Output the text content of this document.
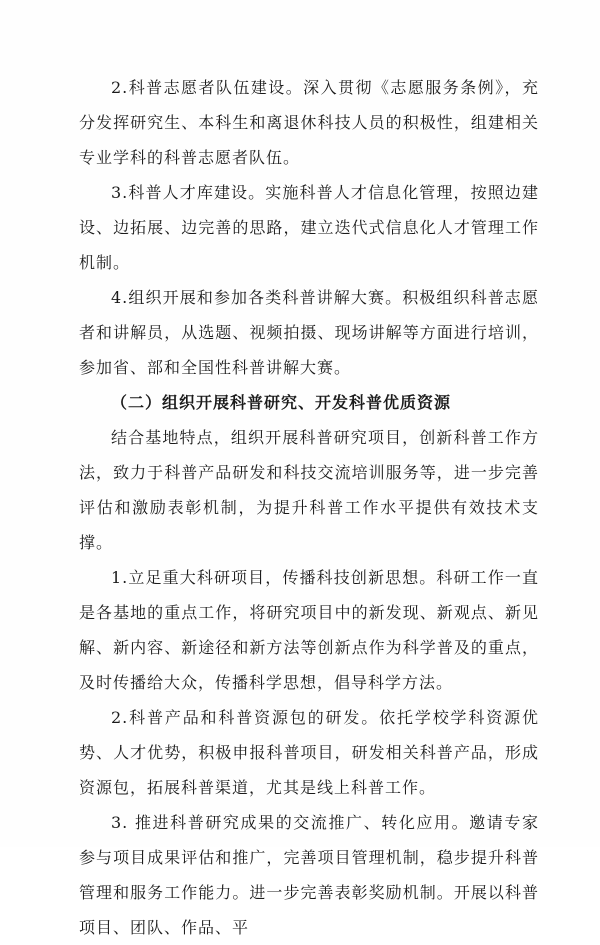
2.科普志愿者队伍建设。深入贯彻《志愿服务条例》，充分发挥研究生、本科生和离退休科技人员的积极性，组建相关专业学科的科普志愿者队伍。

3.科普人才库建设。实施科普人才信息化管理，按照边建设、边拓展、边完善的思路，建立迭代式信息化人才管理工作机制。

4.组织开展和参加各类科普讲解大赛。积极组织科普志愿者和讲解员，从选题、视频拍摄、现场讲解等方面进行培训，参加省、部和全国性科普讲解大赛。

（二）组织开展科普研究、开发科普优质资源

结合基地特点，组织开展科普研究项目，创新科普工作方法，致力于科普产品研发和科技交流培训服务等，进一步完善评估和激励表彰机制，为提升科普工作水平提供有效技术支撑。

1.立足重大科研项目，传播科技创新思想。科研工作一直是各基地的重点工作，将研究项目中的新发现、新观点、新见解、新内容、新途径和新方法等创新点作为科学普及的重点，及时传播给大众，传播科学思想，倡导科学方法。

2.科普产品和科普资源包的研发。依托学校学科资源优势、人才优势，积极申报科普项目，研发相关科普产品，形成资源包，拓展科普渠道，尤其是线上科普工作。

3. 推进科普研究成果的交流推广、转化应用。邀请专家参与项目成果评估和推广，完善项目管理机制，稳步提升科普管理和服务工作能力。进一步完善表彰奖励机制。开展以科普项目、团队、作品、平
